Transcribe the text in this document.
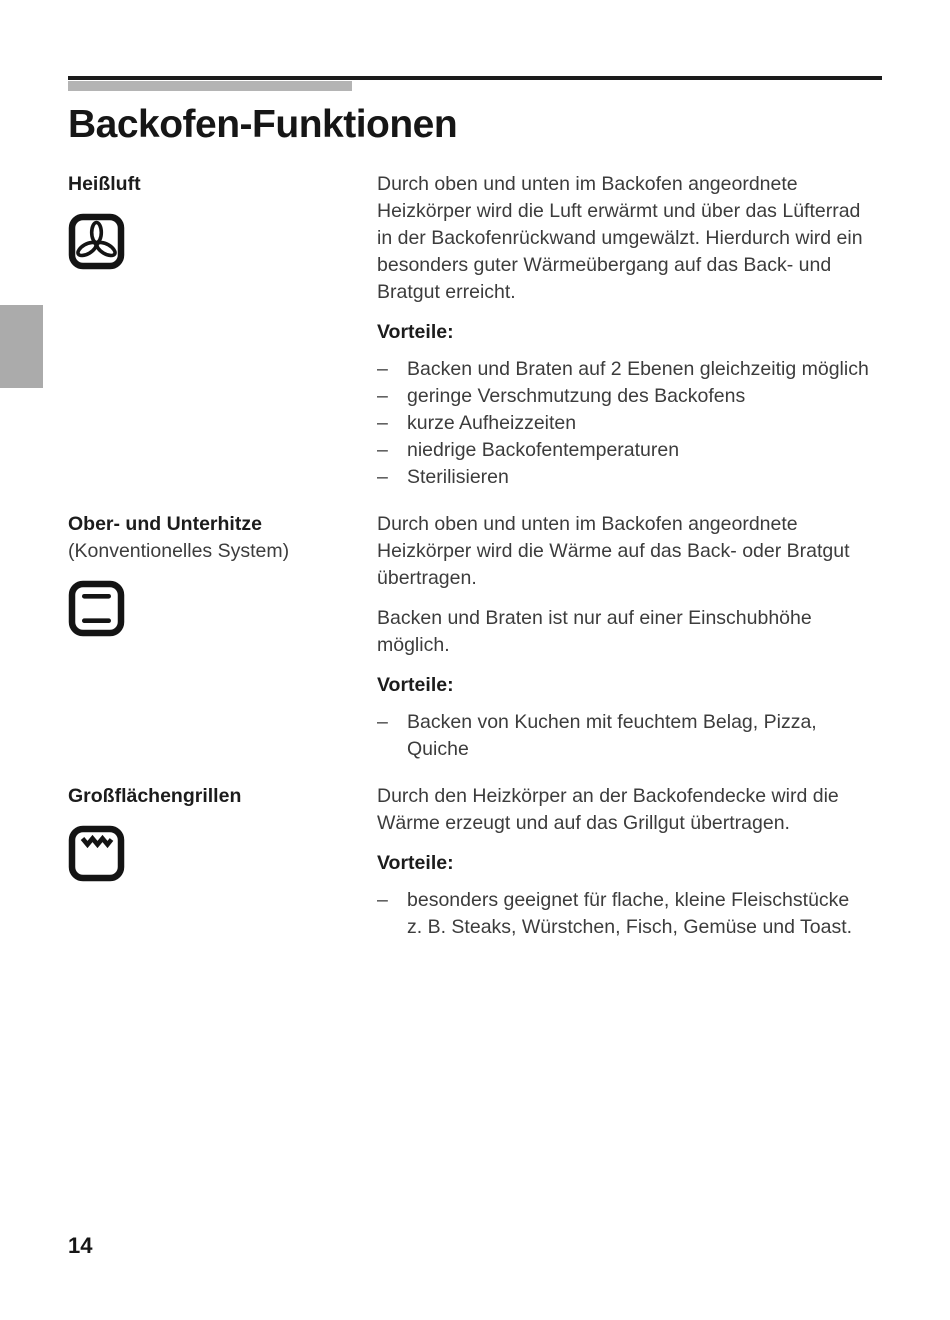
Backofen-Funktionen
Heißluft	Durch oben und unten im Backofen angeordnete Heizkörper wird die Luft erwärmt und über das Lüfterrad in der Backofenrückwand umgewälzt. Hierdurch wird ein besonders guter Wärmeübergang auf das Back- und Bratgut erreicht.

Vorteile:
– Backen und Braten auf 2 Ebenen gleichzeitig möglich
– geringe Verschmutzung des Backofens
– kurze Aufheizzeiten
– niedrige Backofentemperaturen
– Sterilisieren
Ober- und Unterhitze
(Konventionelles System)

Durch oben und unten im Backofen angeordnete Heizkörper wird die Wärme auf das Back- oder Bratgut übertragen.

Backen und Braten ist nur auf einer Einschubhöhe möglich.

Vorteile:
– Backen von Kuchen mit feuchtem Belag, Pizza, Quiche
Großflächengrillen	Durch den Heizkörper an der Backofendecke wird die Wärme erzeugt und auf das Grillgut übertragen.

Vorteile:
– besonders geeignet für flache, kleine Fleischstücke z. B. Steaks, Würstchen, Fisch, Gemüse und Toast.
14
